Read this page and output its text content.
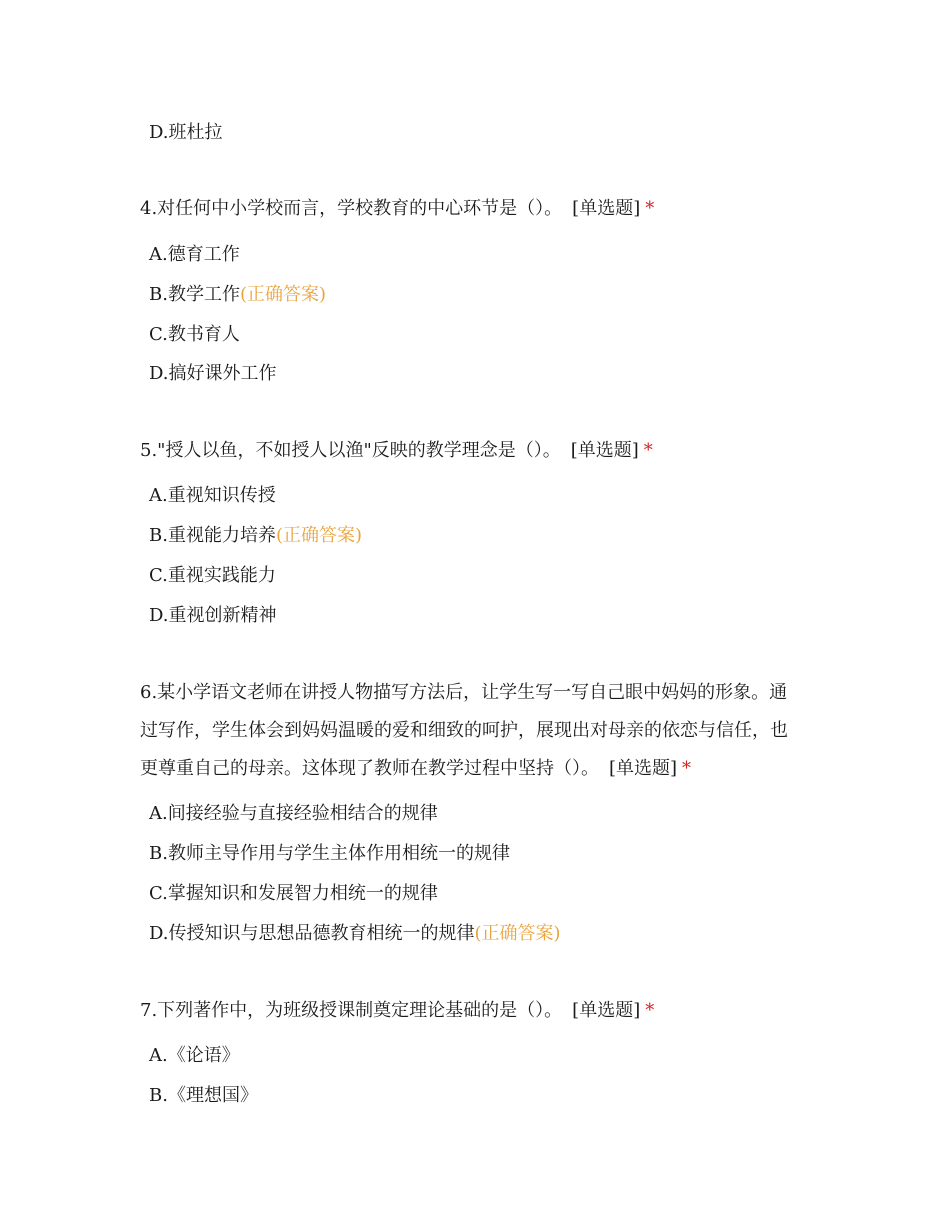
D.班杜拉
4.对任何中小学校而言，学校教育的中心环节是（）。 [单选题] *
A.德育工作
B.教学工作(正确答案)
C.教书育人
D.搞好课外工作
5."授人以鱼，不如授人以渔"反映的教学理念是（）。 [单选题] *
A.重视知识传授
B.重视能力培养(正确答案)
C.重视实践能力
D.重视创新精神
6.某小学语文老师在讲授人物描写方法后，让学生写一写自己眼中妈妈的形象。通
过写作，学生体会到妈妈温暖的爱和细致的呵护，展现出对母亲的依恋与信任，也
更尊重自己的母亲。这体现了教师在教学过程中坚持（）。 [单选题] *
A.间接经验与直接经验相结合的规律
B.教师主导作用与学生主体作用相统一的规律
C.掌握知识和发展智力相统一的规律
D.传授知识与思想品德教育相统一的规律(正确答案)
7.下列著作中，为班级授课制奠定理论基础的是（）。 [单选题] *
A.《论语》
B.《理想国》
